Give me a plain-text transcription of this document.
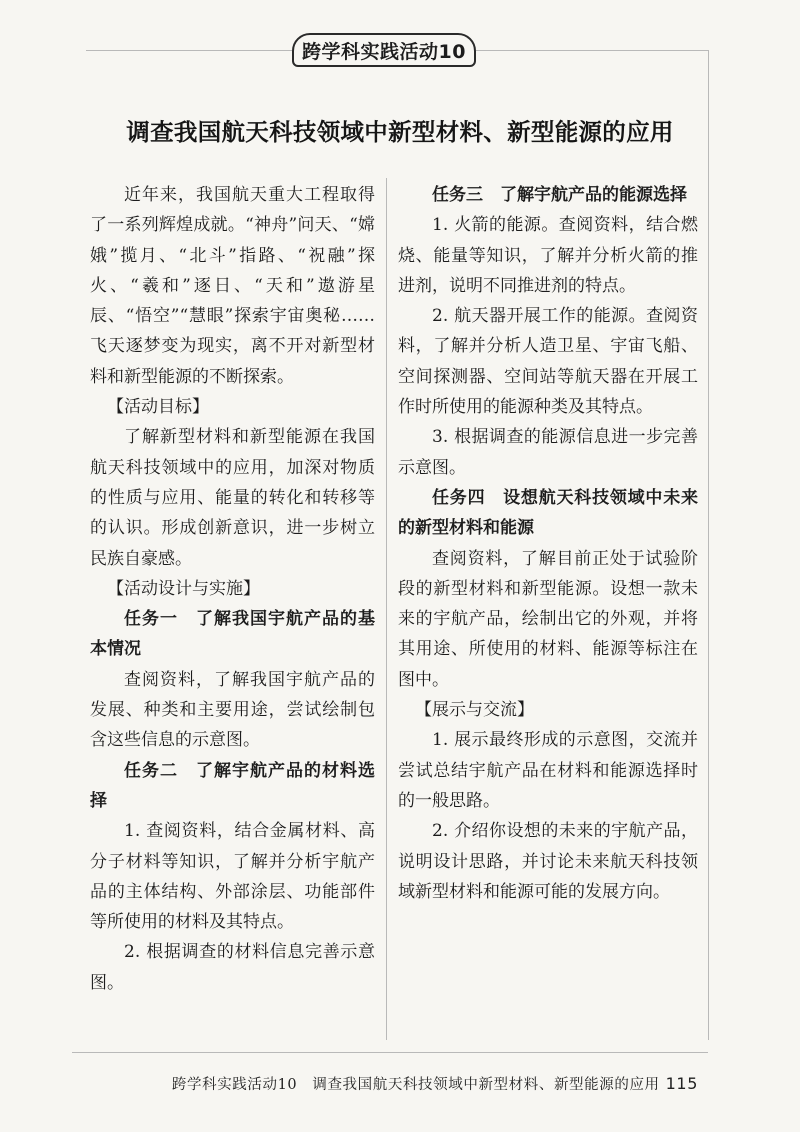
跨学科实践活动10
调查我国航天科技领域中新型材料、新型能源的应用

近年来，我国航天重大工程取得了一系列辉煌成就。“神舟”问天、“嫦娥”揽月、“北斗”指路、“祝融”探火、“羲和”逐日、“天和”遨游星辰、“悟空”“慧眼”探索宇宙奥秘……飞天逐梦变为现实，离不开对新型材料和新型能源的不断探索。

【活动目标】

了解新型材料和新型能源在我国航天科技领域中的应用，加深对物质的性质与应用、能量的转化和转移等的认识。形成创新意识，进一步树立民族自豪感。

【活动设计与实施】

任务一　了解我国宇航产品的基本情况

查阅资料，了解我国宇航产品的发展、种类和主要用途，尝试绘制包含这些信息的示意图。

任务二　了解宇航产品的材料选择

1. 查阅资料，结合金属材料、高分子材料等知识，了解并分析宇航产品的主体结构、外部涂层、功能部件等所使用的材料及其特点。

2. 根据调查的材料信息完善示意图。

任务三　了解宇航产品的能源选择

1. 火箭的能源。查阅资料，结合燃烧、能量等知识，了解并分析火箭的推进剂，说明不同推进剂的特点。

2. 航天器开展工作的能源。查阅资料，了解并分析人造卫星、宇宙飞船、空间探测器、空间站等航天器在开展工作时所使用的能源种类及其特点。

3. 根据调查的能源信息进一步完善示意图。

任务四　设想航天科技领域中未来的新型材料和能源

查阅资料，了解目前正处于试验阶段的新型材料和新型能源。设想一款未来的宇航产品，绘制出它的外观，并将其用途、所使用的材料、能源等标注在图中。

【展示与交流】

1. 展示最终形成的示意图，交流并尝试总结宇航产品在材料和能源选择时的一般思路。

2. 介绍你设想的未来的宇航产品，说明设计思路，并讨论未来航天科技领域新型材料和能源可能的发展方向。

跨学科实践活动10　调查我国航天科技领域中新型材料、新型能源的应用 115
